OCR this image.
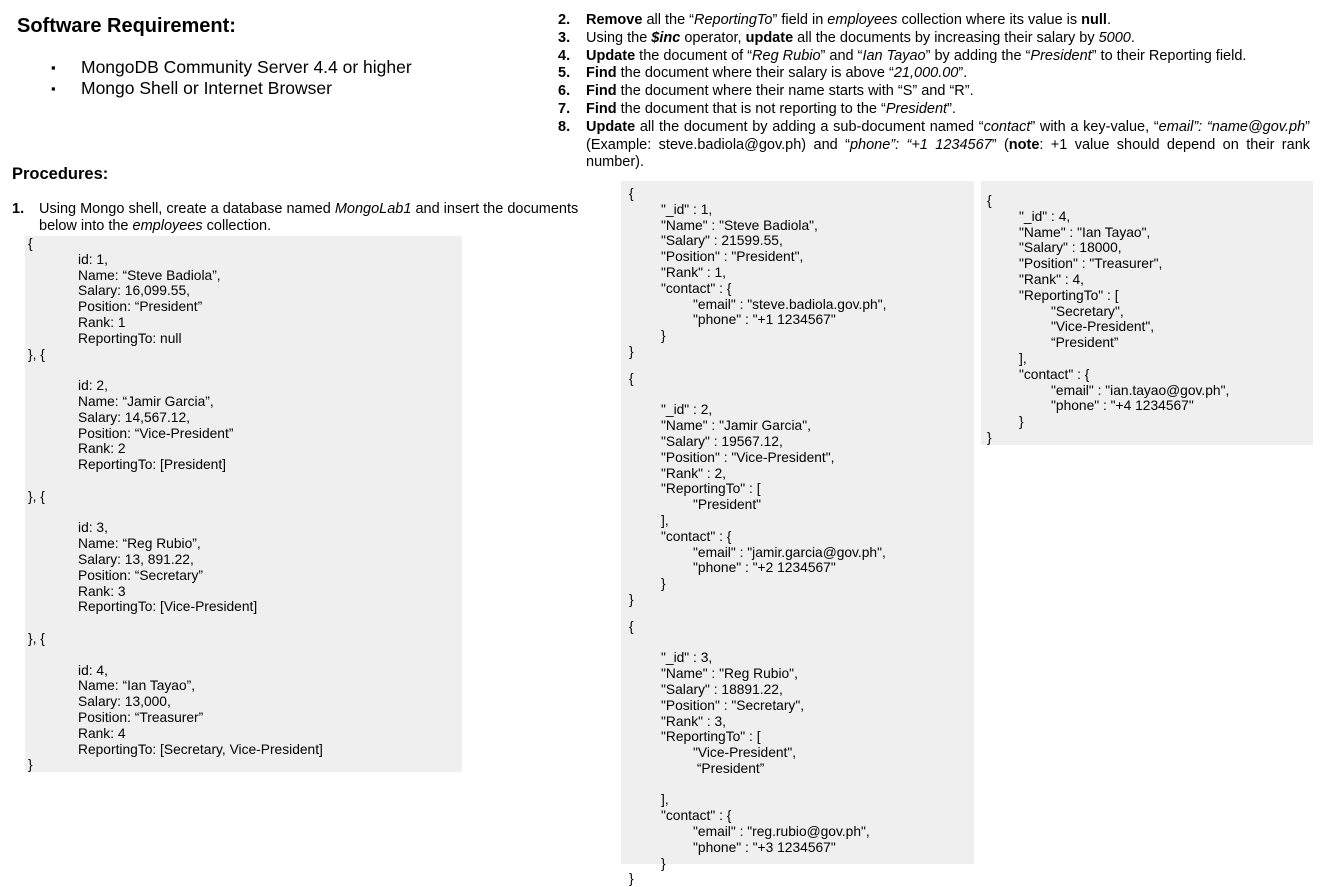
Software Requirement:
▪ MongoDB Community Server 4.4 or higher
▪ Mongo Shell or Internet Browser
Procedures:
1. Using Mongo shell, create a database named MongoLab1 and insert the documents below into the employees collection.
2. Remove all the “ReportingTo” field in employees collection where its value is null.
3. Using the $inc operator, update all the documents by increasing their salary by 5000.
4. Update the document of “Reg Rubio” and “Ian Tayao” by adding the “President” to their Reporting field.
5. Find the document where their salary is above “21,000.00”.
6. Find the document where their name starts with “S” and “R”.
7. Find the document that is not reporting to the “President”.
8. Update all the document by adding a sub-document named “contact” with a key-value, “email”: “name@gov.ph” (Example: steve.badiola@gov.ph) and “phone”: “+1 1234567” (note: +1 value should depend on their rank number).
{
id: 1,
Name: “Steve Badiola”,
Salary: 16,099.55,
Position: “President”
Rank: 1
ReportingTo: null
}, {
id: 2,
Name: “Jamir Garcia”,
Salary: 14,567.12,
Position: “Vice-President”
Rank: 2
ReportingTo: [President]
}, {
id: 3,
Name: “Reg Rubio”,
Salary: 13, 891.22,
Position: “Secretary”
Rank: 3
ReportingTo: [Vice-President]
}, {
id: 4,
Name: “Ian Tayao”,
Salary: 13,000,
Position: “Treasurer”
Rank: 4
ReportingTo: [Secretary, Vice-President]
}
{
"_id" : 1,
"Name" : "Steve Badiola",
"Salary" : 21599.55,
"Position" : "President",
"Rank" : 1,
"contact" : {
"email" : "steve.badiola.gov.ph",
"phone" : "+1 1234567"
}
}
{
"_id" : 2,
"Name" : "Jamir Garcia",
"Salary" : 19567.12,
"Position" : "Vice-President",
"Rank" : 2,
"ReportingTo" : [
"President"
],
"contact" : {
"email" : "jamir.garcia@gov.ph",
"phone" : "+2 1234567"
}
}
{
"_id" : 3,
"Name" : "Reg Rubio",
"Salary" : 18891.22,
"Position" : "Secretary",
"Rank" : 3,
"ReportingTo" : [
"Vice-President",
“President”
],
"contact" : {
"email" : "reg.rubio@gov.ph",
"phone" : "+3 1234567"
}
}
{
"_id" : 4,
"Name" : "Ian Tayao",
"Salary" : 18000,
"Position" : "Treasurer",
"Rank" : 4,
"ReportingTo" : [
"Secretary",
"Vice-President",
“President”
],
"contact" : {
"email" : "ian.tayao@gov.ph",
"phone" : "+4 1234567"
}
}
